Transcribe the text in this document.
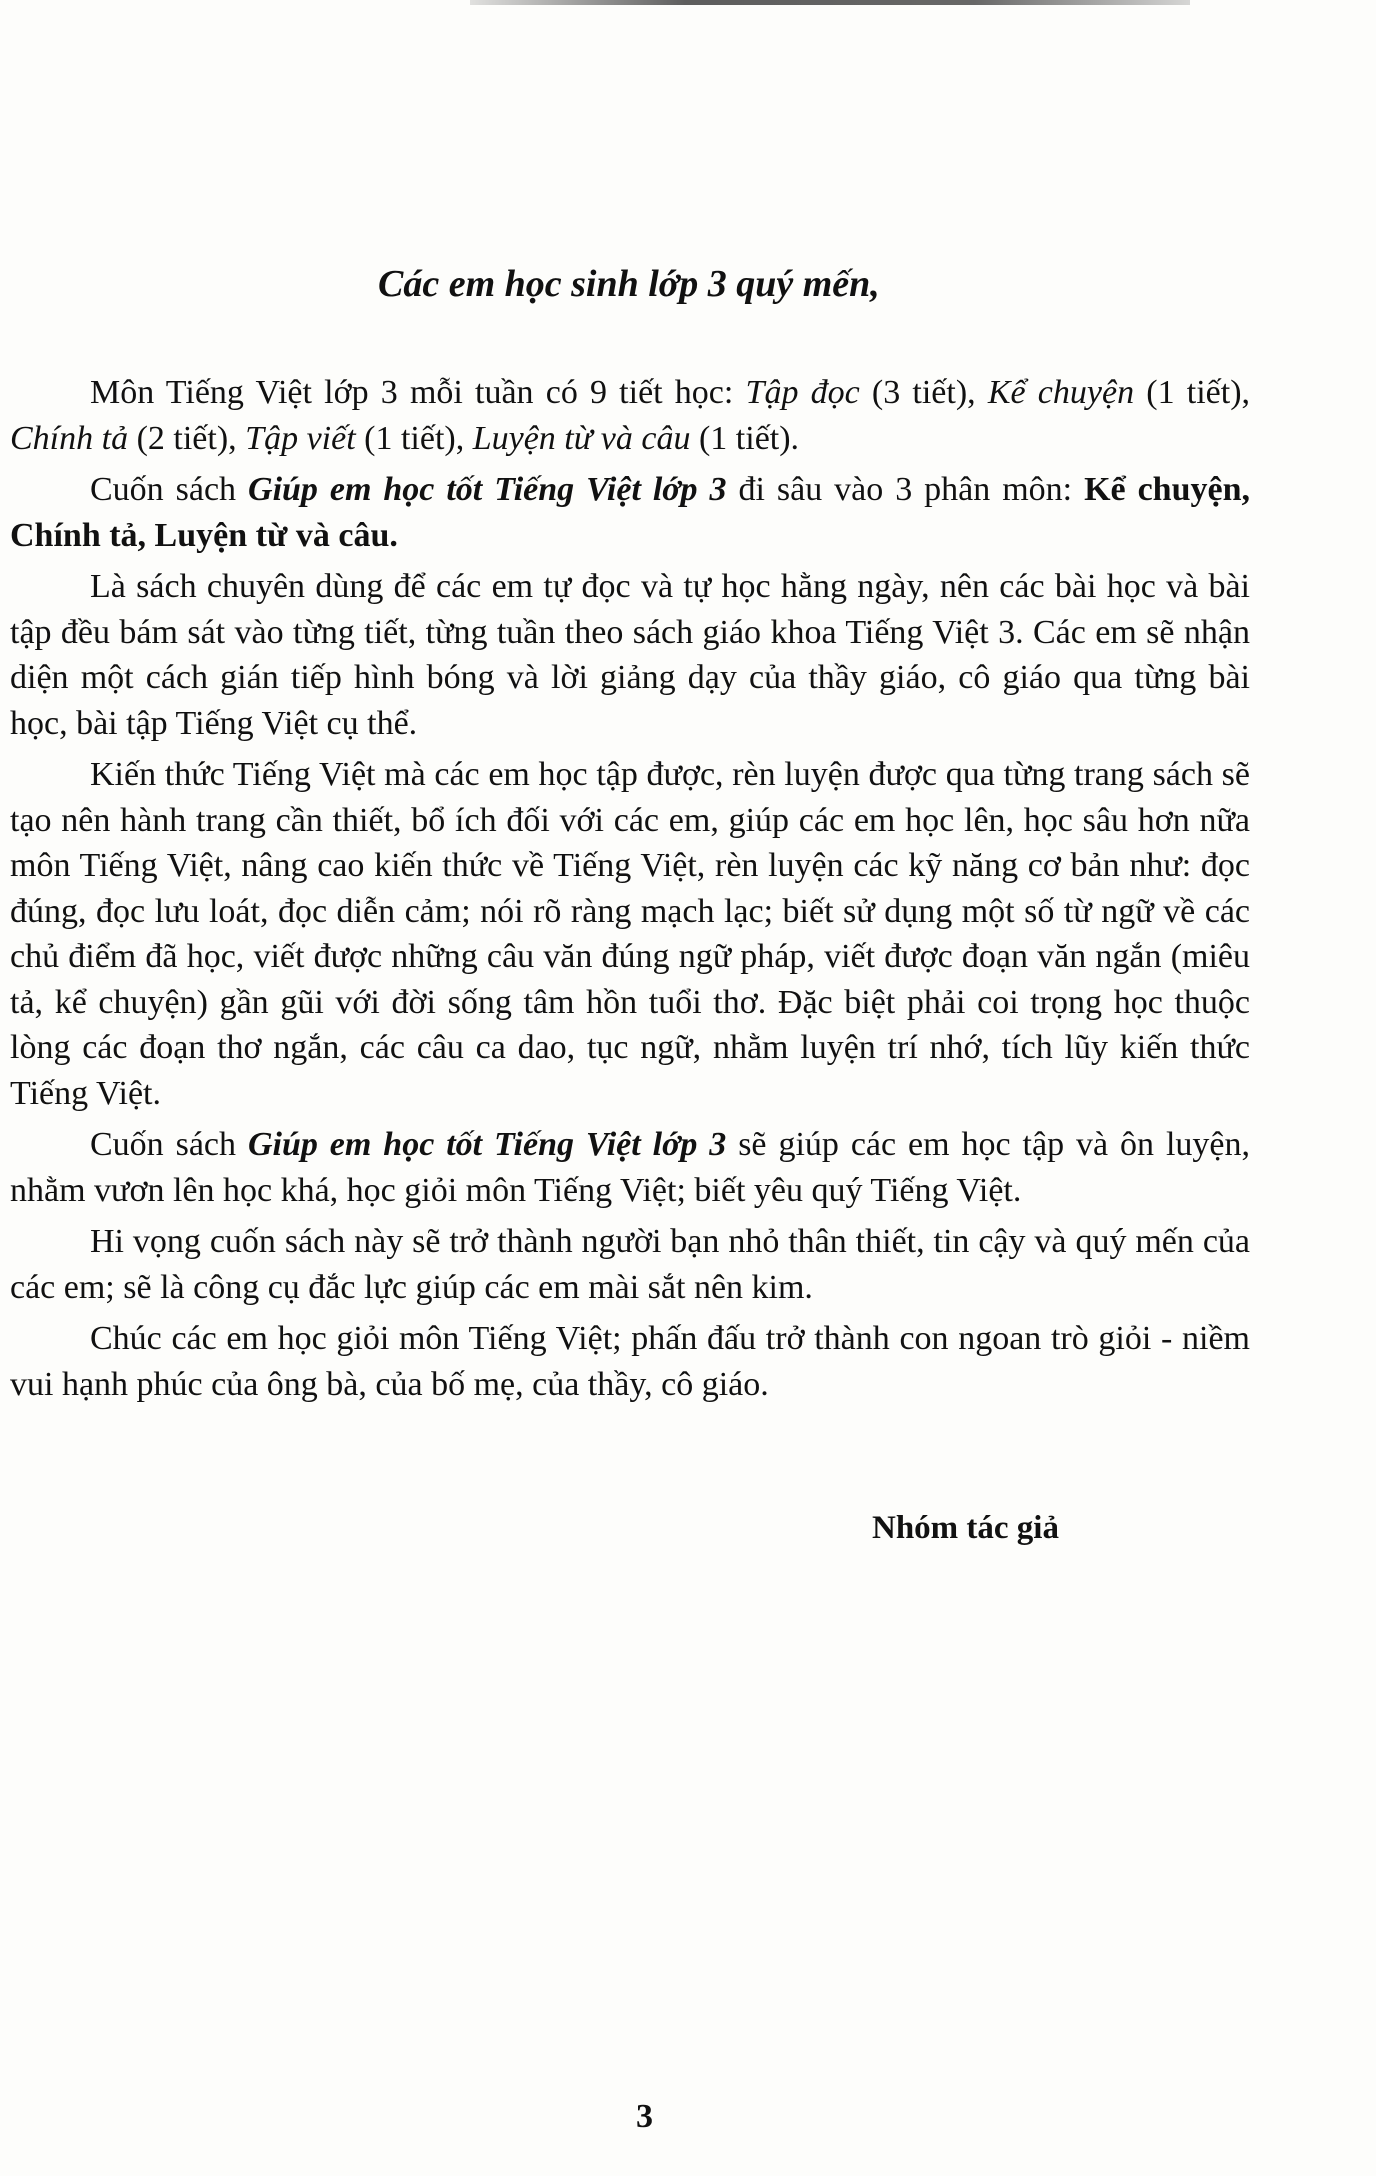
Các em học sinh lớp 3 quý mến,

Môn Tiếng Việt lớp 3 mỗi tuần có 9 tiết học: Tập đọc (3 tiết), Kể chuyện (1 tiết), Chính tả (2 tiết), Tập viết (1 tiết), Luyện từ và câu (1 tiết).

Cuốn sách Giúp em học tốt Tiếng Việt lớp 3 đi sâu vào 3 phân môn: Kể chuyện, Chính tả, Luyện từ và câu.

Là sách chuyên dùng để các em tự đọc và tự học hằng ngày, nên các bài học và bài tập đều bám sát vào từng tiết, từng tuần theo sách giáo khoa Tiếng Việt 3. Các em sẽ nhận diện một cách gián tiếp hình bóng và lời giảng dạy của thầy giáo, cô giáo qua từng bài học, bài tập Tiếng Việt cụ thể.

Kiến thức Tiếng Việt mà các em học tập được, rèn luyện được qua từng trang sách sẽ tạo nên hành trang cần thiết, bổ ích đối với các em, giúp các em học lên, học sâu hơn nữa môn Tiếng Việt, nâng cao kiến thức về Tiếng Việt, rèn luyện các kỹ năng cơ bản như: đọc đúng, đọc lưu loát, đọc diễn cảm; nói rõ ràng mạch lạc; biết sử dụng một số từ ngữ về các chủ điểm đã học, viết được những câu văn đúng ngữ pháp, viết được đoạn văn ngắn (miêu tả, kể chuyện) gần gũi với đời sống tâm hồn tuổi thơ. Đặc biệt phải coi trọng học thuộc lòng các đoạn thơ ngắn, các câu ca dao, tục ngữ, nhằm luyện trí nhớ, tích lũy kiến thức Tiếng Việt.

Cuốn sách Giúp em học tốt Tiếng Việt lớp 3 sẽ giúp các em học tập và ôn luyện, nhằm vươn lên học khá, học giỏi môn Tiếng Việt; biết yêu quý Tiếng Việt.

Hi vọng cuốn sách này sẽ trở thành người bạn nhỏ thân thiết, tin cậy và quý mến của các em; sẽ là công cụ đắc lực giúp các em mài sắt nên kim.

Chúc các em học giỏi môn Tiếng Việt; phấn đấu trở thành con ngoan trò giỏi - niềm vui hạnh phúc của ông bà, của bố mẹ, của thầy, cô giáo.

Nhóm tác giả
3
